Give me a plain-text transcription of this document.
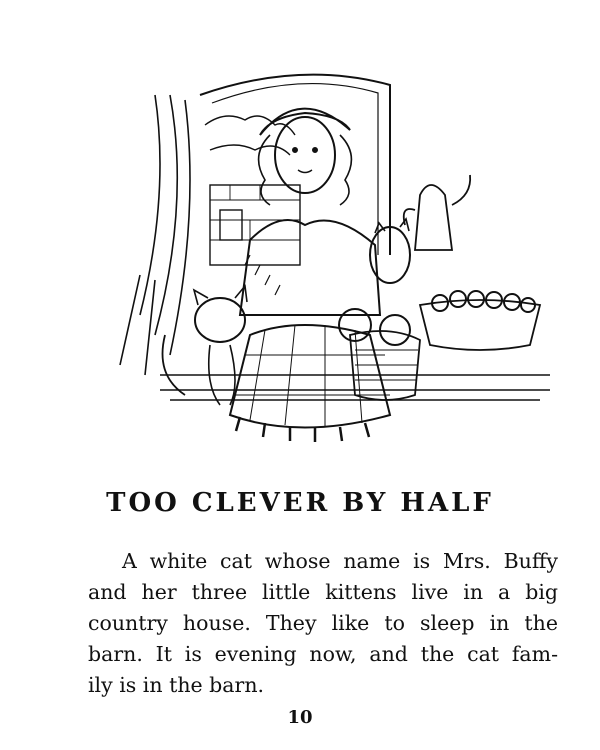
TOO CLEVER BY HALF
A white cat whose name is Mrs. Buffy
and her three little kittens live in a big
country house. They like to sleep in the
barn. It is evening now, and the cat fam-
ily is in the barn.
10
